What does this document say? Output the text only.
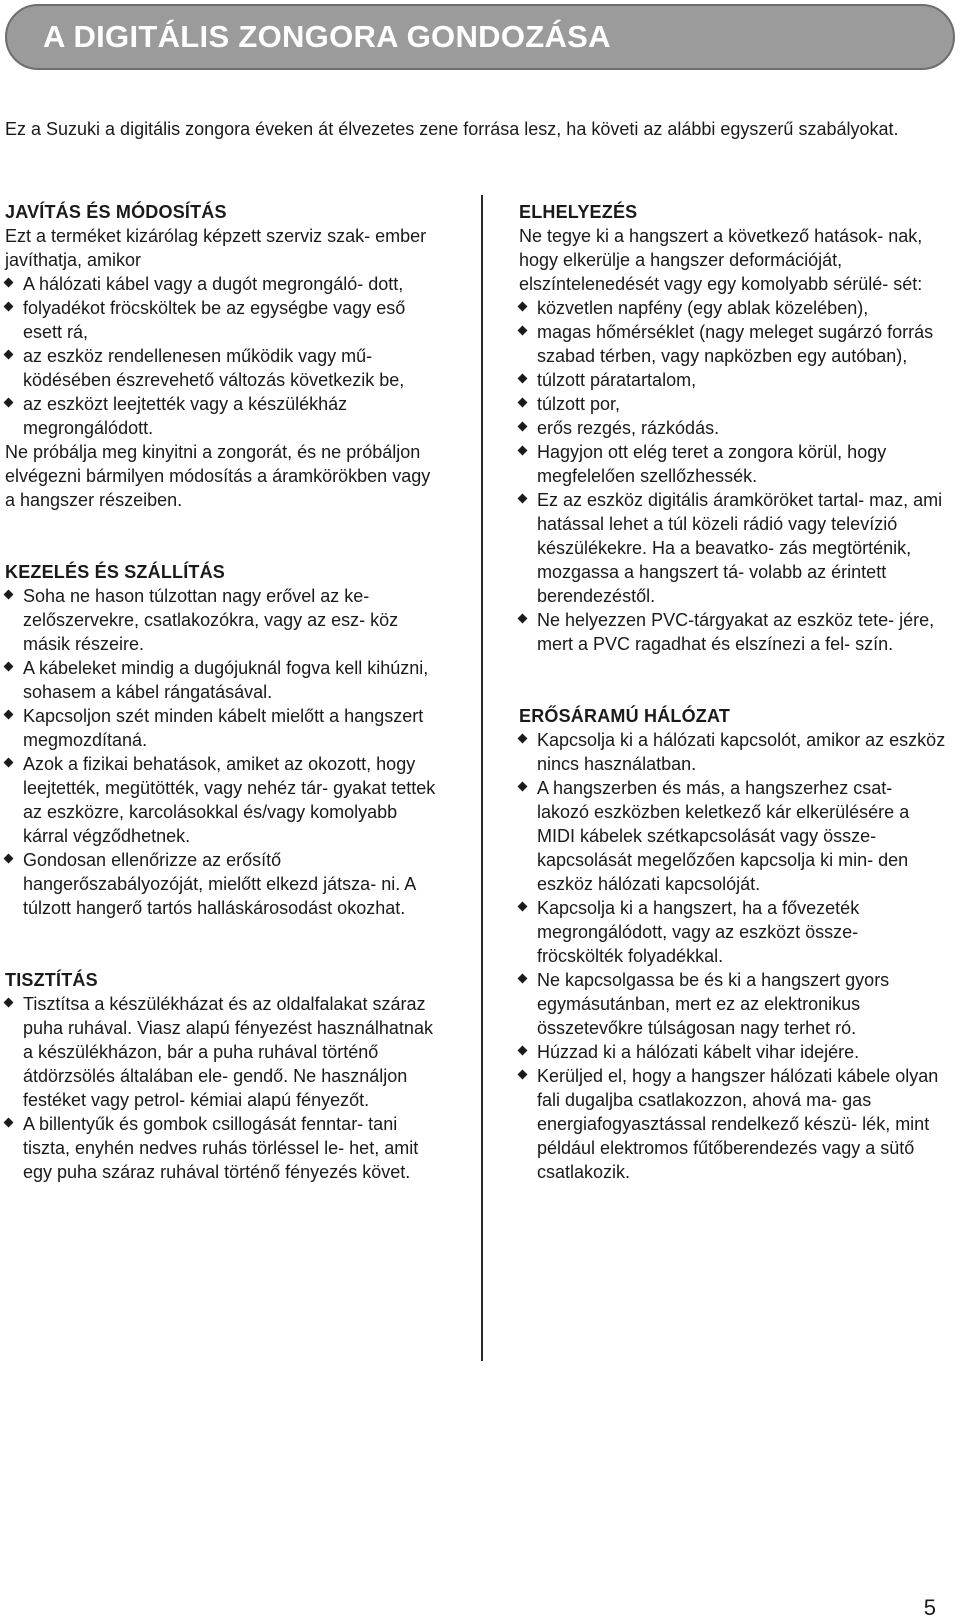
A DIGITÁLIS ZONGORA GONDOZÁSA

Ez a Suzuki a digitális zongora éveken át élvezetes zene forrása lesz, ha követi az alábbi egyszerű szabályokat.

JAVÍTÁS ÉS MÓDOSÍTÁS

Ezt a terméket kizárólag képzett szerviz szak- ember javíthatja, amikor

A hálózati kábel vagy a dugót megrongáló- dott,
folyadékot fröcsköltek be az egységbe vagy eső esett rá,
az eszköz rendellenesen működik vagy mű- ködésében észrevehető változás következik be,
az eszközt leejtették vagy a készülékház megrongálódott.

Ne próbálja meg kinyitni a zongorát, és ne próbáljon elvégezni bármilyen módosítás a áramkörökben vagy a hangszer részeiben.

KEZELÉS ÉS SZÁLLÍTÁS
Soha ne hason túlzottan nagy erővel az ke- zelőszervekre, csatlakozókra, vagy az esz- köz másik részeire.
A kábeleket mindig a dugójuknál fogva kell kihúzni, sohasem a kábel rángatásával.
Kapcsoljon szét minden kábelt mielőtt a hangszert megmozdítaná.
Azok a fizikai behatások, amiket az okozott, hogy leejtették, megütötték, vagy nehéz tár- gyakat tettek az eszközre, karcolásokkal és/vagy komolyabb kárral végződhetnek.
Gondosan ellenőrizze az erősítő hangerőszabályozóját, mielőtt elkezd játsza- ni. A túlzott hangerő tartós halláskárosodást okozhat.
TISZTÍTÁS
Tisztítsa a készülékházat és az oldalfalakat száraz puha ruhával. Viasz alapú fényezést használhatnak a készülékházon, bár a puha ruhával történő átdörzsölés általában ele- gendő. Ne használjon festéket vagy petrol- kémiai alapú fényezőt.
A billentyűk és gombok csillogását fenntar- tani tiszta, enyhén nedves ruhás törléssel le- het, amit egy puha száraz ruhával történő fényezés követ.
ELHELYEZÉS

Ne tegye ki a hangszert a következő hatások- nak, hogy elkerülje a hangszer deformációját, elszíntelenedését vagy egy komolyabb sérülé- sét:

közvetlen napfény (egy ablak közelében),
magas hőmérséklet (nagy meleget sugárzó forrás szabad térben, vagy napközben egy autóban),
túlzott páratartalom,
túlzott por,
erős rezgés, rázkódás.
Hagyjon ott elég teret a zongora körül, hogy megfelelően szellőzhessék.
Ez az eszköz digitális áramköröket tartal- maz, ami hatással lehet a túl közeli rádió vagy televízió készülékekre. Ha a beavatko- zás megtörténik, mozgassa a hangszert tá- volabb az érintett berendezéstől.
Ne helyezzen PVC-tárgyakat az eszköz tete- jére, mert a PVC ragadhat és elszínezi a fel- szín.
ERŐSÁRAMÚ HÁLÓZAT
Kapcsolja ki a hálózati kapcsolót, amikor az eszköz nincs használatban.
A hangszerben és más, a hangszerhez csat- lakozó eszközben keletkező kár elkerülésére a MIDI kábelek szétkapcsolását vagy össze- kapcsolását megelőzően kapcsolja ki min- den eszköz hálózati kapcsolóját.
Kapcsolja ki a hangszert, ha a fővezeték megrongálódott, vagy az eszközt össze- fröcskölték folyadékkal.
Ne kapcsolgassa be és ki a hangszert gyors egymásutánban, mert ez az elektronikus összetevőkre túlságosan nagy terhet ró.
Húzzad ki a hálózati kábelt vihar idejére.
Kerüljed el, hogy a hangszer hálózati kábele olyan fali dugaljba csatlakozzon, ahová ma- gas energiafogyasztással rendelkező készü- lék, mint például elektromos fűtőberendezés vagy a sütő csatlakozik.
5
